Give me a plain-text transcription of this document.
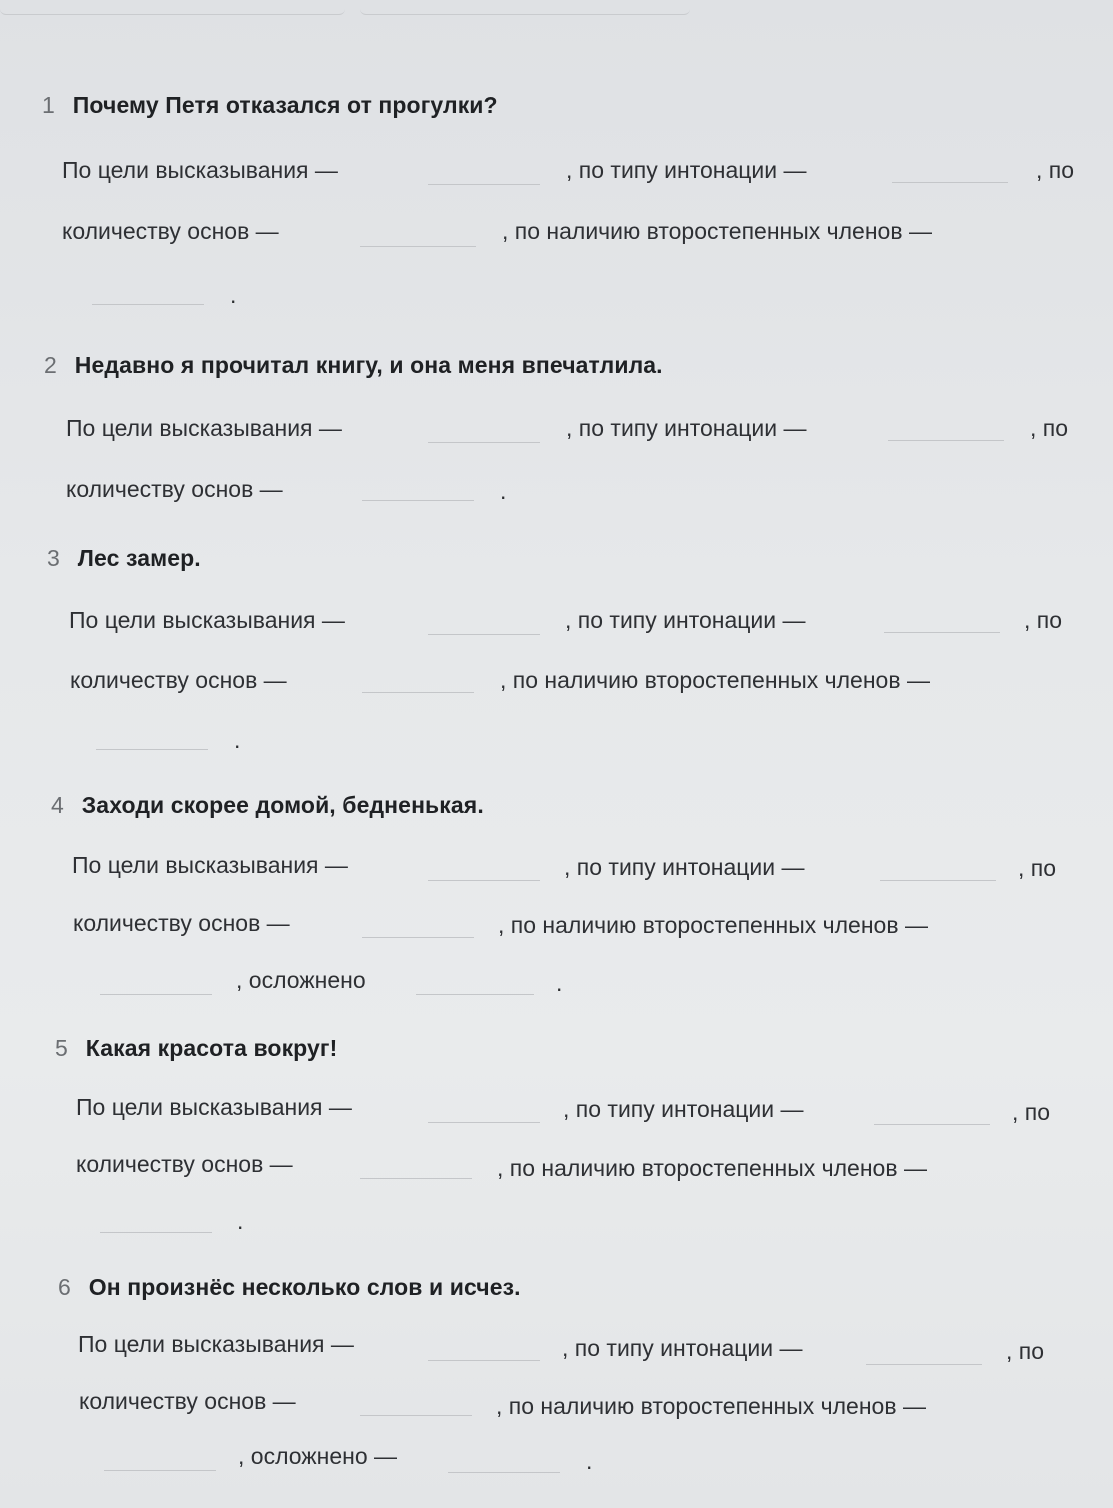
1 Почему Петя отказался от прогулки?
По цели высказывания —	, по типу интонации —	, по
количеству основ —	, по наличию второстепенных членов —
.
2 Недавно я прочитал книгу, и она меня впечатлила.
По цели высказывания —	, по типу интонации —	, по
количеству основ —	.
3 Лес замер.
По цели высказывания —	, по типу интонации —	, по
количеству основ —	, по наличию второстепенных членов —
.
4 Заходи скорее домой, бедненькая.
По цели высказывания —	, по типу интонации —	, по
количеству основ —	, по наличию второстепенных членов —
, осложнено	.
5 Какая красота вокруг!
По цели высказывания —	, по типу интонации —	, по
количеству основ —	, по наличию второстепенных членов —
.
6 Он произнёс несколько слов и исчез.
По цели высказывания —	, по типу интонации —	, по
количеству основ —	, по наличию второстепенных членов —
, осложнено —	.
